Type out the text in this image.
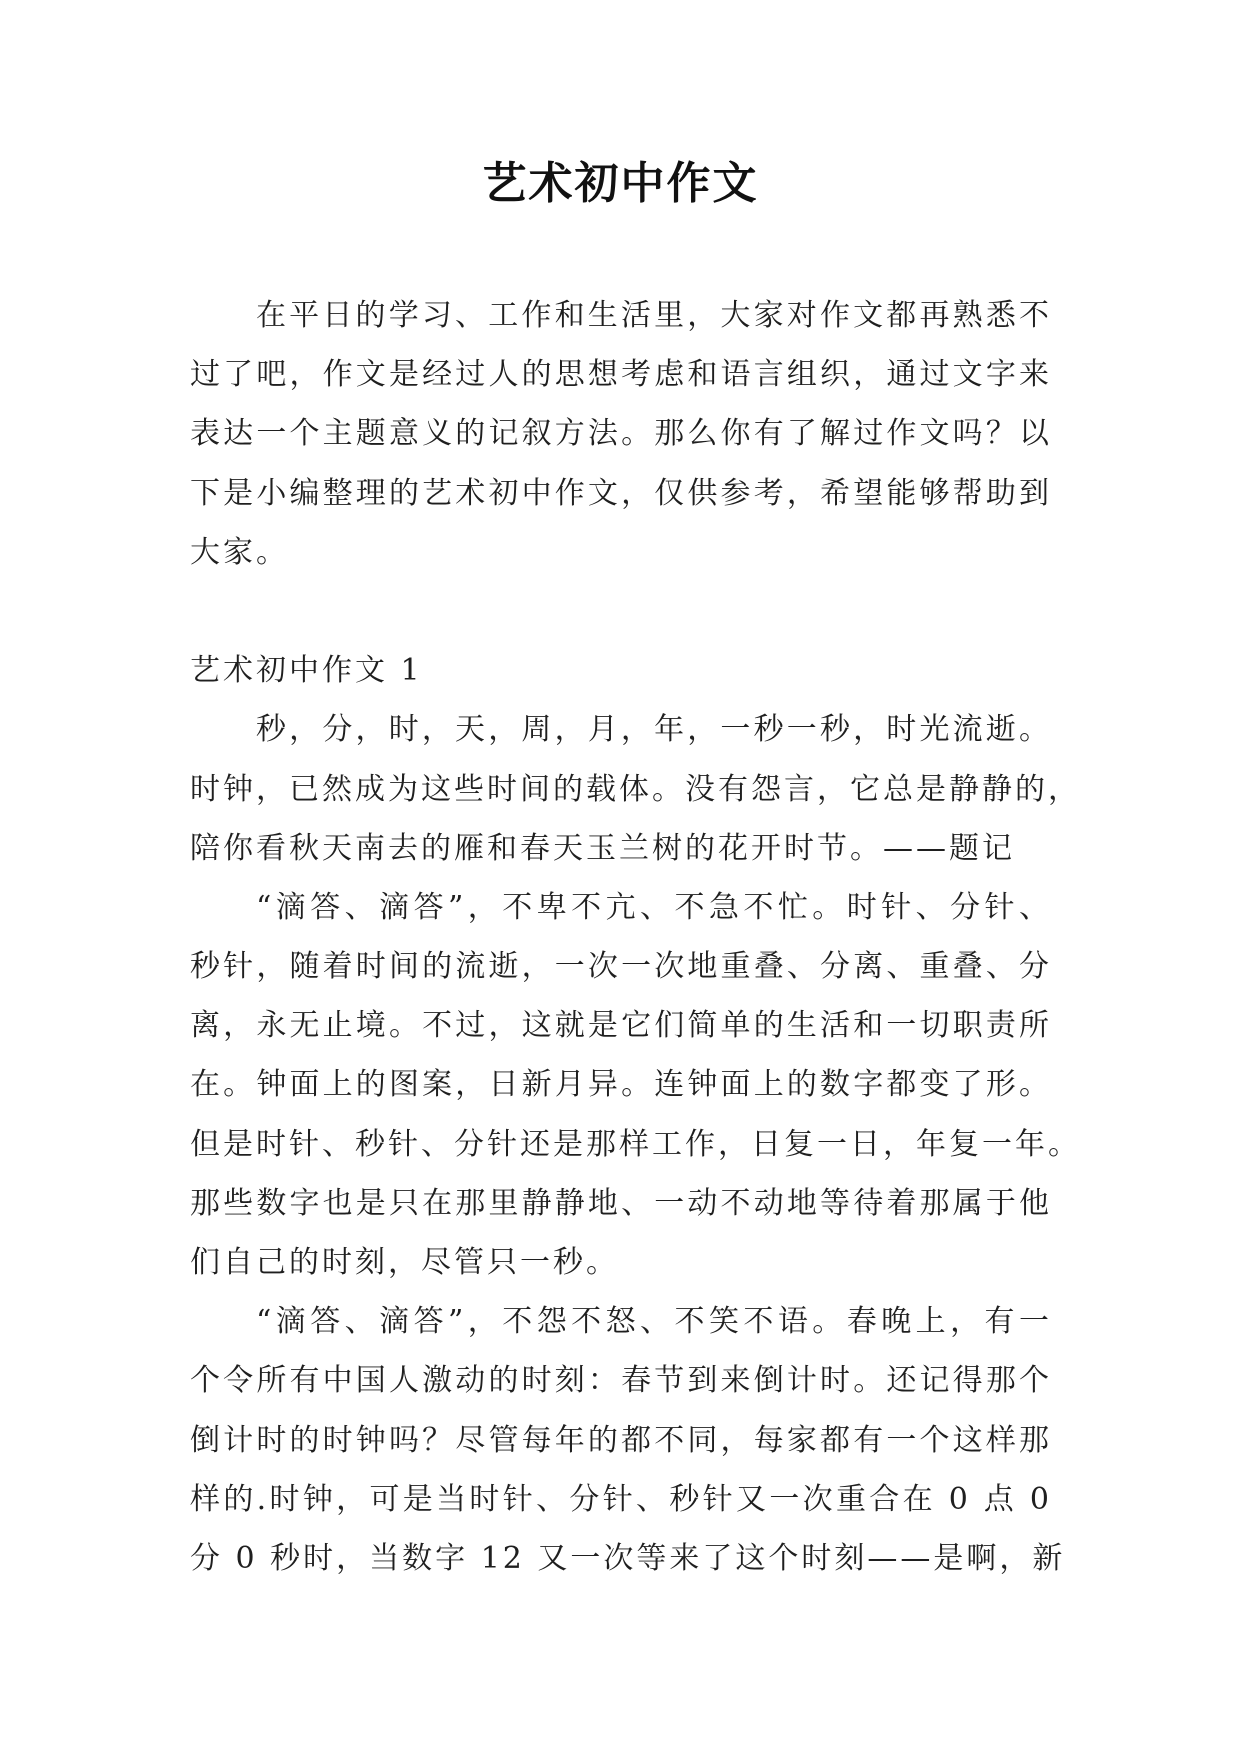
艺术初中作文
在平日的学习、工作和生活里，大家对作文都再熟悉不
过了吧，作文是经过人的思想考虑和语言组织，通过文字来
表达一个主题意义的记叙方法。那么你有了解过作文吗？以
下是小编整理的艺术初中作文，仅供参考，希望能够帮助到
大家。
艺术初中作文 1
秒，分，时，天，周，月，年，一秒一秒，时光流逝。
时钟，已然成为这些时间的载体。没有怨言，它总是静静的，
陪你看秋天南去的雁和春天玉兰树的花开时节。——题记
“滴答、滴答”，不卑不亢、不急不忙。时针、分针、
秒针，随着时间的流逝，一次一次地重叠、分离、重叠、分
离，永无止境。不过，这就是它们简单的生活和一切职责所
在。钟面上的图案，日新月异。连钟面上的数字都变了形。
但是时针、秒针、分针还是那样工作，日复一日，年复一年。
那些数字也是只在那里静静地、一动不动地等待着那属于他
们自己的时刻，尽管只一秒。
“滴答、滴答”，不怨不怒、不笑不语。春晚上，有一
个令所有中国人激动的时刻：春节到来倒计时。还记得那个
倒计时的时钟吗？尽管每年的都不同，每家都有一个这样那
样的.时钟，可是当时针、分针、秒针又一次重合在 0 点 0
分 0 秒时，当数字 12 又一次等来了这个时刻——是啊，新
